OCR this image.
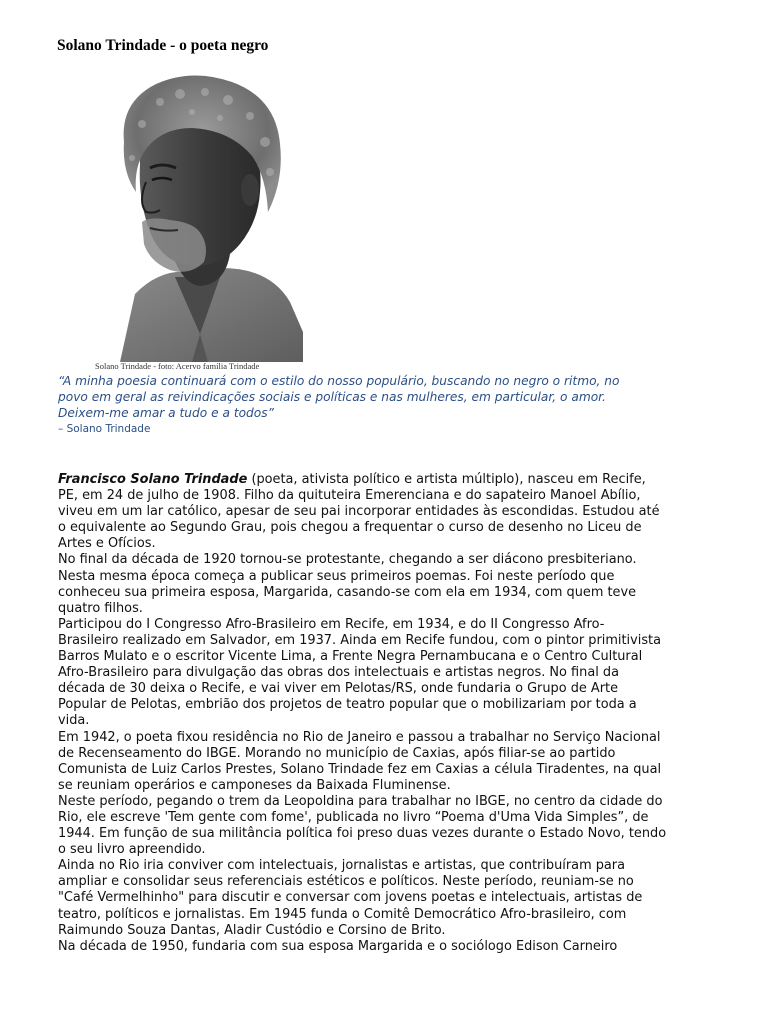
Solano Trindade - o poeta negro
Solano Trindade - foto: Acervo família Trindade

“A minha poesia continuará com o estilo do nosso populário, buscando no negro o ritmo, no

povo em geral as reivindicações sociais e políticas e nas mulheres, em particular, o amor.

Deixem-me amar a tudo e a todos”

– Solano Trindade

Francisco Solano Trindade (poeta, ativista político e artista múltiplo), nasceu em Recife,

PE, em 24 de julho de 1908. Filho da quituteira Emerenciana e do sapateiro Manoel Abílio,

viveu em um lar católico, apesar de seu pai incorporar entidades às escondidas. Estudou até

o equivalente ao Segundo Grau, pois chegou a frequentar o curso de desenho no Liceu de

Artes e Ofícios.

No final da década de 1920 tornou-se protestante, chegando a ser diácono presbiteriano.

Nesta mesma época começa a publicar seus primeiros poemas. Foi neste período que

conheceu sua primeira esposa, Margarida, casando-se com ela em 1934, com quem teve

quatro filhos.

Participou do I Congresso Afro-Brasileiro em Recife, em 1934, e do II Congresso Afro-

Brasileiro realizado em Salvador, em 1937. Ainda em Recife fundou, com o pintor primitivista

Barros Mulato e o escritor Vicente Lima, a Frente Negra Pernambucana e o Centro Cultural

Afro-Brasileiro para divulgação das obras dos intelectuais e artistas negros. No final da

década de 30 deixa o Recife, e vai viver em Pelotas/RS, onde fundaria o Grupo de Arte

Popular de Pelotas, embrião dos projetos de teatro popular que o mobilizariam por toda a

vida.

Em 1942, o poeta fixou residência no Rio de Janeiro e passou a trabalhar no Serviço Nacional

de Recenseamento do IBGE. Morando no município de Caxias, após filiar-se ao partido

Comunista de Luiz Carlos Prestes, Solano Trindade fez em Caxias a célula Tiradentes, na qual

se reuniam operários e camponeses da Baixada Fluminense.

Neste período, pegando o trem da Leopoldina para trabalhar no IBGE, no centro da cidade do

Rio, ele escreve 'Tem gente com fome', publicada no livro “Poema d'Uma Vida Simples”, de

1944. Em função de sua militância política foi preso duas vezes durante o Estado Novo, tendo

o seu livro apreendido.

Ainda no Rio iria conviver com intelectuais, jornalistas e artistas, que contribuíram para

ampliar e consolidar seus referenciais estéticos e políticos. Neste período, reuniam-se no

"Café Vermelhinho" para discutir e conversar com jovens poetas e intelectuais, artistas de

teatro, políticos e jornalistas. Em 1945 funda o Comitê Democrático Afro-brasileiro, com

Raimundo Souza Dantas, Aladir Custódio e Corsino de Brito.

Na década de 1950, fundaria com sua esposa Margarida e o sociólogo Edison Carneiro
